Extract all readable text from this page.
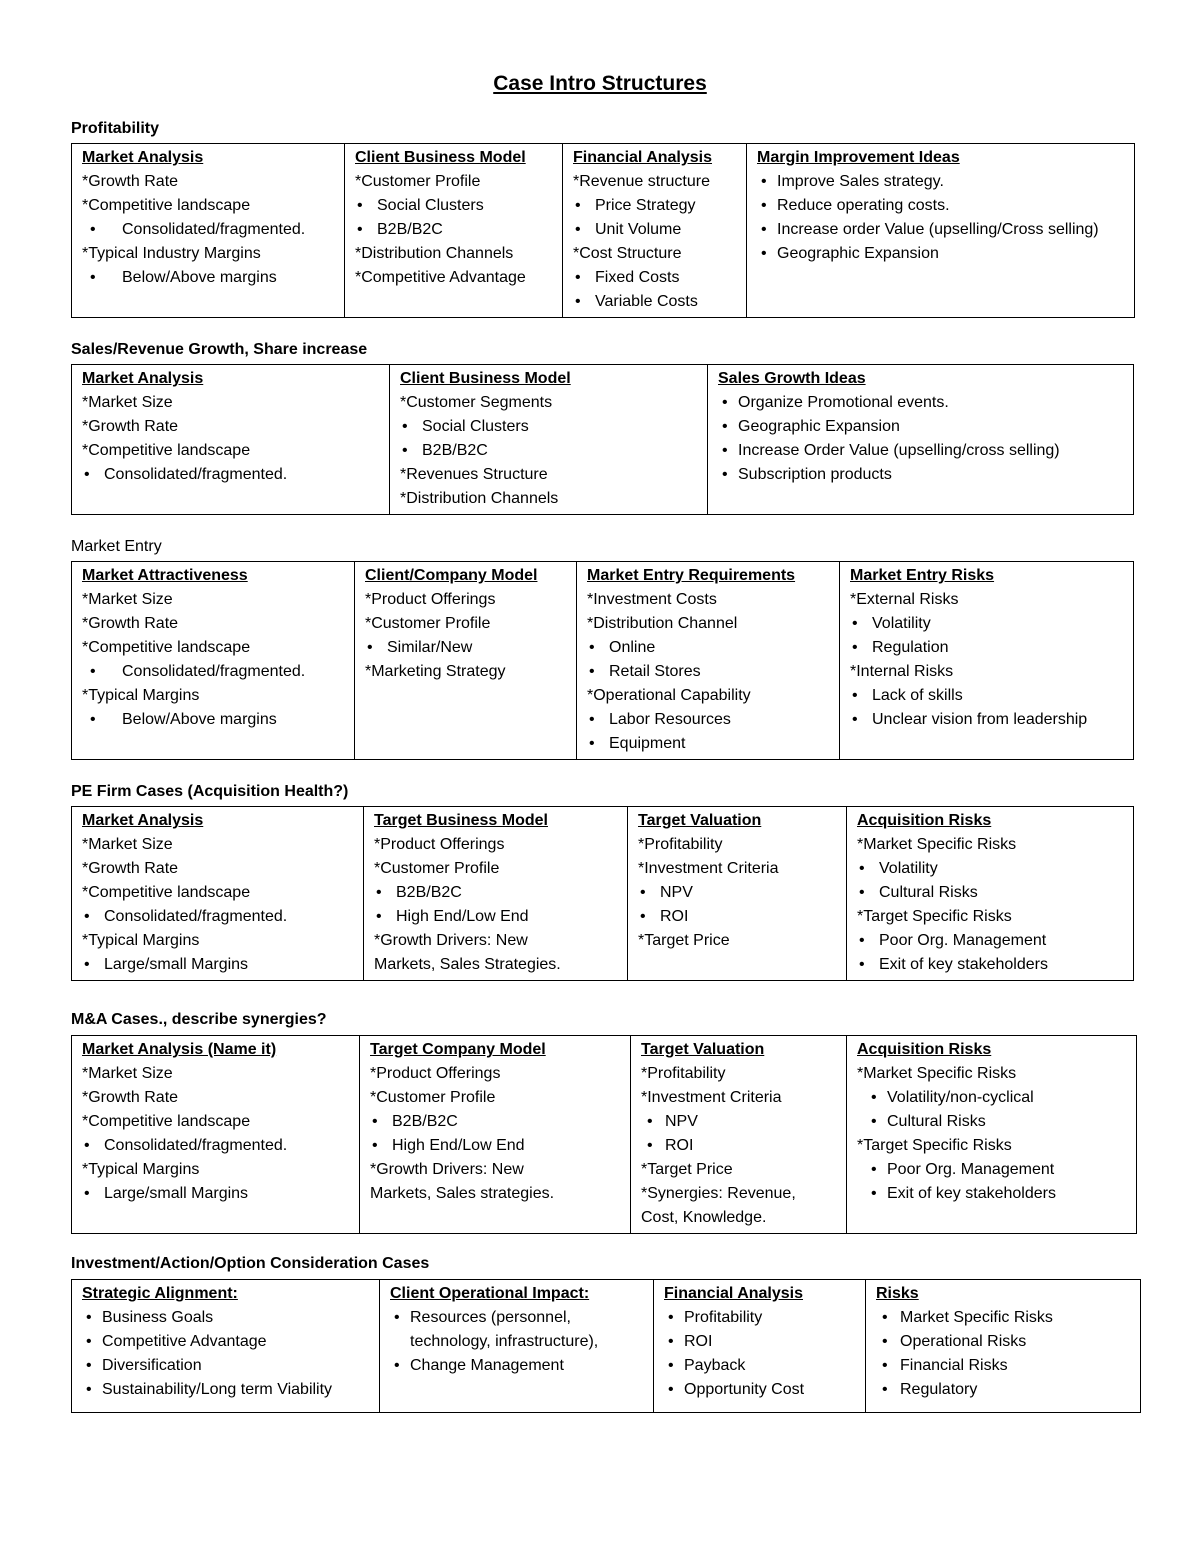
Case Intro Structures
Profitability
Market Analysis
*Growth Rate
*Competitive landscape
• Consolidated/fragmented.
*Typical Industry Margins
• Below/Above margins

Client Business Model
*Customer Profile
• Social Clusters
• B2B/B2C
*Distribution Channels
*Competitive Advantage

Financial Analysis
*Revenue structure
• Price Strategy
• Unit Volume
*Cost Structure
• Fixed Costs
• Variable Costs

Margin Improvement Ideas
• Improve Sales strategy.
• Reduce operating costs.
• Increase order Value (upselling/Cross selling)
• Geographic Expansion
Sales/Revenue Growth, Share increase
Market Analysis
*Market Size
*Growth Rate
*Competitive landscape
• Consolidated/fragmented.

Client Business Model
*Customer Segments
• Social Clusters
• B2B/B2C
*Revenues Structure
*Distribution Channels

Sales Growth Ideas
• Organize Promotional events.
• Geographic Expansion
• Increase Order Value (upselling/cross selling)
• Subscription products
Market Entry
Market Attractiveness
*Market Size
*Growth Rate
*Competitive landscape
• Consolidated/fragmented.
*Typical Margins
• Below/Above margins

Client/Company Model
*Product Offerings
*Customer Profile
• Similar/New
*Marketing Strategy

Market Entry Requirements
*Investment Costs
*Distribution Channel
• Online
• Retail Stores
*Operational Capability
• Labor Resources
• Equipment

Market Entry Risks
*External Risks
• Volatility
• Regulation
*Internal Risks
• Lack of skills
• Unclear vision from leadership
PE Firm Cases (Acquisition Health?)
Market Analysis
*Market Size
*Growth Rate
*Competitive landscape
• Consolidated/fragmented.
*Typical Margins
• Large/small Margins

Target Business Model
*Product Offerings
*Customer Profile
• B2B/B2C
• High End/Low End
*Growth Drivers: New
Markets, Sales Strategies.

Target Valuation
*Profitability
*Investment Criteria
• NPV
• ROI
*Target Price

Acquisition Risks
*Market Specific Risks
• Volatility
• Cultural Risks
*Target Specific Risks
• Poor Org. Management
• Exit of key stakeholders
M&A Cases., describe synergies?
Market Analysis (Name it)
*Market Size
*Growth Rate
*Competitive landscape
• Consolidated/fragmented.
*Typical Margins
• Large/small Margins

Target Company Model
*Product Offerings
*Customer Profile
• B2B/B2C
• High End/Low End
*Growth Drivers: New
Markets, Sales strategies.

Target Valuation
*Profitability
*Investment Criteria
• NPV
• ROI
*Target Price
*Synergies: Revenue,
Cost, Knowledge.

Acquisition Risks
*Market Specific Risks
• Volatility/non-cyclical
• Cultural Risks
*Target Specific Risks
• Poor Org. Management
• Exit of key stakeholders
Investment/Action/Option Consideration Cases
Strategic Alignment:
• Business Goals
• Competitive Advantage
• Diversification
• Sustainability/Long term Viability

Client Operational Impact:
• Resources (personnel, technology, infrastructure),
• Change Management

Financial Analysis
• Profitability
• ROI
• Payback
• Opportunity Cost

Risks
• Market Specific Risks
• Operational Risks
• Financial Risks
• Regulatory
